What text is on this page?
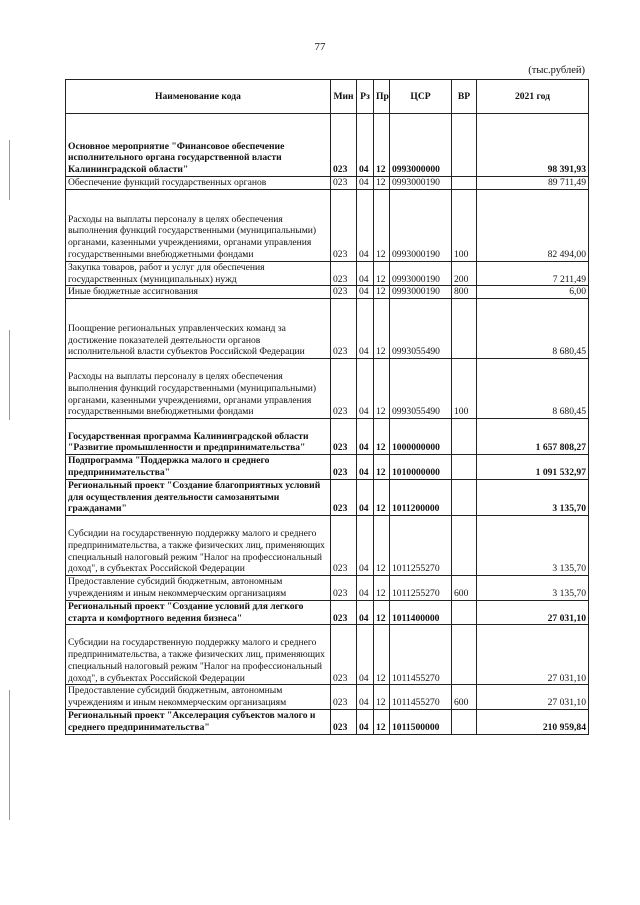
77
(тыс.рублей)
Наименование кода	Мин	Рз	Пр	ЦСР	ВР	2021 год
Основное мероприятие "Финансовое обеспечение исполнительного органа государственной власти Калининградской области"	023	04	12	0993000000		98 391,93
Обеспечение функций государственных органов	023	04	12	0993000190		89 711,49
Расходы на выплаты персоналу в целях обеспечения выполнения функций государственными (муниципальными) органами, казенными учреждениями, органами управления государственными внебюджетными фондами	023	04	12	0993000190	100	82 494,00
Закупка товаров, работ и услуг для обеспечения государственных (муниципальных) нужд	023	04	12	0993000190	200	7 211,49
Иные бюджетные ассигнования	023	04	12	0993000190	800	6,00
Поощрение региональных управленческих команд за достижение показателей деятельности органов исполнительной власти субъектов Российской Федерации	023	04	12	0993055490		8 680,45
Расходы на выплаты персоналу в целях обеспечения выполнения функций государственными (муниципальными) органами, казенными учреждениями, органами управления государственными внебюджетными фондами	023	04	12	0993055490	100	8 680,45
Государственная программа Калининградской области "Развитие промышленности и предпринимательства"	023	04	12	1000000000		1 657 808,27
Подпрограмма "Поддержка малого и среднего предпринимательства"	023	04	12	1010000000		1 091 532,97
Региональный проект "Создание благоприятных условий для осуществления деятельности самозанятыми гражданами"	023	04	12	1011200000		3 135,70
Субсидии на государственную поддержку малого и среднего предпринимательства, а также физических лиц, применяющих специальный налоговый режим "Налог на профессиональный доход", в субъектах Российской Федерации	023	04	12	1011255270		3 135,70
Предоставление субсидий бюджетным, автономным учреждениям и иным некоммерческим организациям	023	04	12	1011255270	600	3 135,70
Региональный проект "Создание условий для легкого старта и комфортного ведения бизнеса"	023	04	12	1011400000		27 031,10
Субсидии на государственную поддержку малого и среднего предпринимательства, а также физических лиц, применяющих специальный налоговый режим "Налог на профессиональный доход", в субъектах Российской Федерации	023	04	12	1011455270		27 031,10
Предоставление субсидий бюджетным, автономным учреждениям и иным некоммерческим организациям	023	04	12	1011455270	600	27 031,10
Региональный проект "Акселерация субъектов малого и среднего предпринимательства"	023	04	12	1011500000		210 959,84
